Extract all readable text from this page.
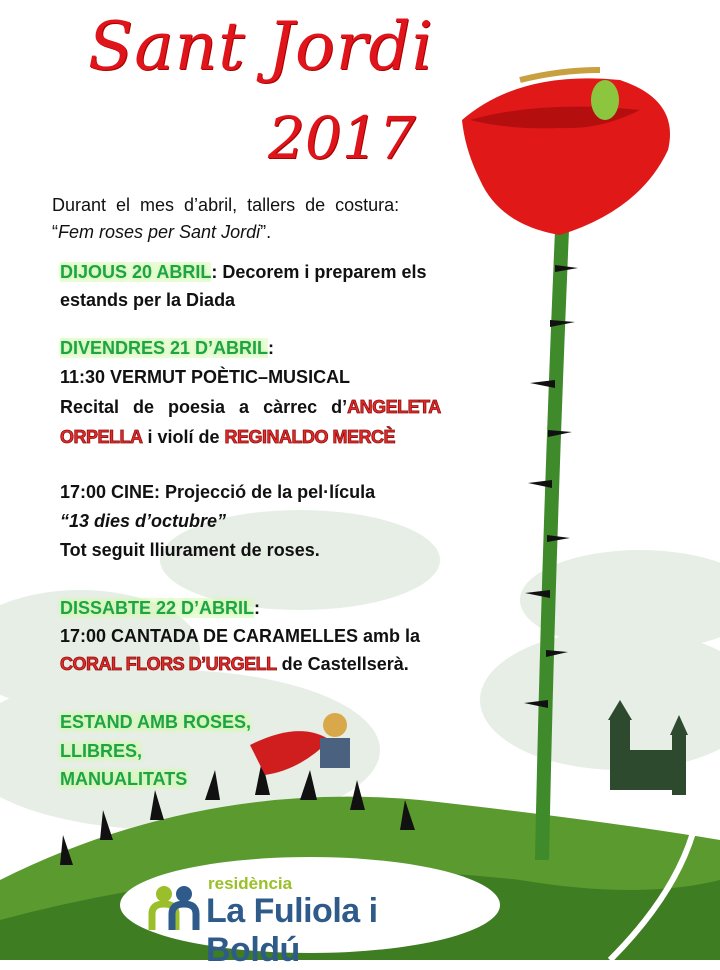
Sant Jordi
2017
Durant el mes d’abril, tallers de costura:
“Fem roses per Sant Jordi”.
DIJOUS 20 ABRIL: Decorem i preparem els
estands per la Diada
DIVENDRES 21 D’ABRIL:
11:30 VERMUT POÈTIC–MUSICAL
Recital de poesia a càrrec d’ANGELETA
ORPELLA i violí de REGINALDO MERCÈ
17:00 CINE: Projecció de la pel·lícula
“13 dies d’octubre”
Tot seguit lliurament de roses.
DISSABTE 22 D’ABRIL:
17:00 CANTADA DE CARAMELLES amb la
CORAL FLORS D’URGELL de Castellserà.
ESTAND AMB ROSES,
LLIBRES,
MANUALITATS
residència
La Fuliola i Boldú
